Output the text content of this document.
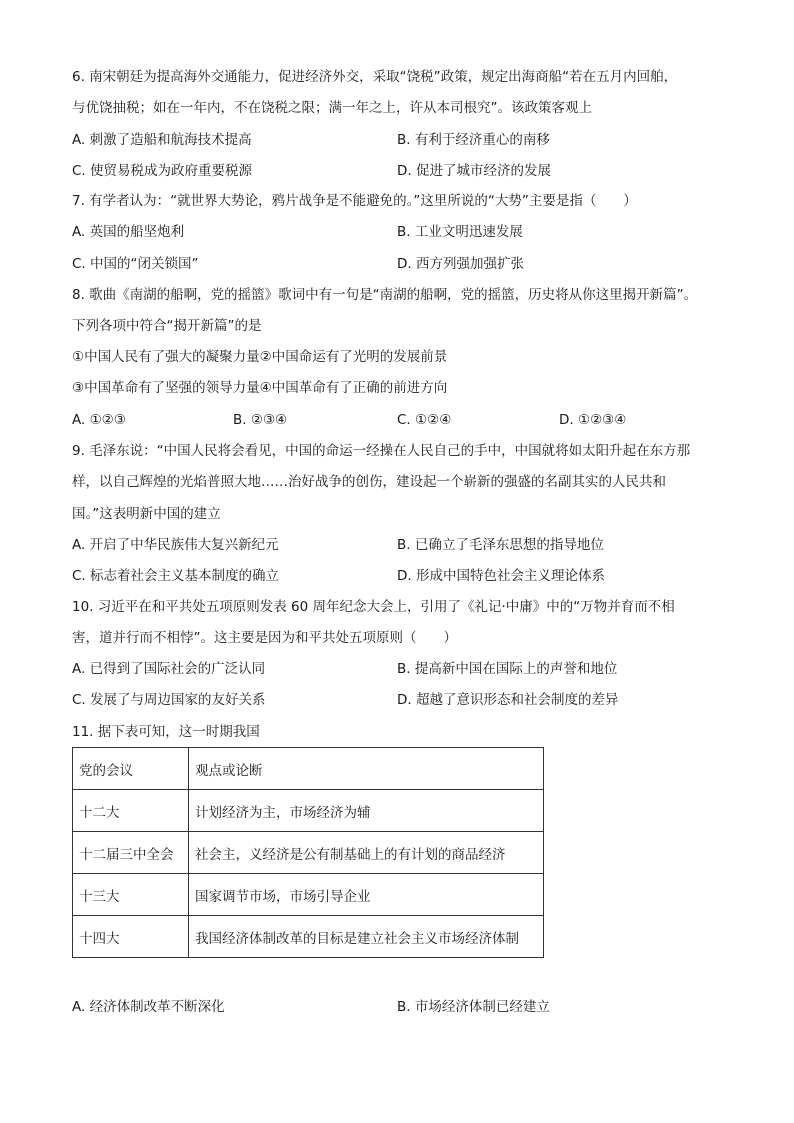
6. 南宋朝廷为提高海外交通能力，促进经济外交，采取“饶税”政策，规定出海商船“若在五月内回舶，
与优饶抽税；如在一年内，不在饶税之限；满一年之上，许从本司根究”。该政策客观上
A. 刺激了造船和航海技术提高	B. 有利于经济重心的南移
C. 使贸易税成为政府重要税源	D. 促进了城市经济的发展
7. 有学者认为：“就世界大势论，鸦片战争是不能避免的。”这里所说的“大势”主要是指（　　）
A. 英国的船坚炮利	B. 工业文明迅速发展
C. 中国的“闭关锁国”	D. 西方列强加强扩张
8. 歌曲《南湖的船啊，党的摇篮》歌词中有一句是“南湖的船啊，党的摇篮，历史将从你这里揭开新篇”。
下列各项中符合“揭开新篇”的是
①中国人民有了强大的凝聚力量②中国命运有了光明的发展前景
③中国革命有了坚强的领导力量④中国革命有了正确的前进方向
A. ①②③	B. ②③④	C. ①②④	D. ①②③④
9. 毛泽东说：“中国人民将会看见，中国的命运一经操在人民自己的手中，中国就将如太阳升起在东方那
样，以自己辉煌的光焰普照大地……治好战争的创伤，建设起一个崭新的强盛的名副其实的人民共和
国。”这表明新中国的建立
A. 开启了中华民族伟大复兴新纪元	B. 已确立了毛泽东思想的指导地位
C. 标志着社会主义基本制度的确立	D. 形成中国特色社会主义理论体系
10. 习近平在和平共处五项原则发表 60 周年纪念大会上，引用了《礼记·中庸》中的“万物并育而不相
害，道并行而不相悖”。这主要是因为和平共处五项原则（　　）
A. 已得到了国际社会的广泛认同	B. 提高新中国在国际上的声誉和地位
C. 发展了与周边国家的友好关系	D. 超越了意识形态和社会制度的差异
11. 据下表可知，这一时期我国
党的会议	观点或论断
十二大	计划经济为主，市场经济为辅
十二届三中全会	社会主，义经济是公有制基础上的有计划的商品经济
十三大	国家调节市场，市场引导企业
十四大	我国经济体制改革的目标是建立社会主义市场经济体制
A. 经济体制改革不断深化	B. 市场经济体制已经建立
